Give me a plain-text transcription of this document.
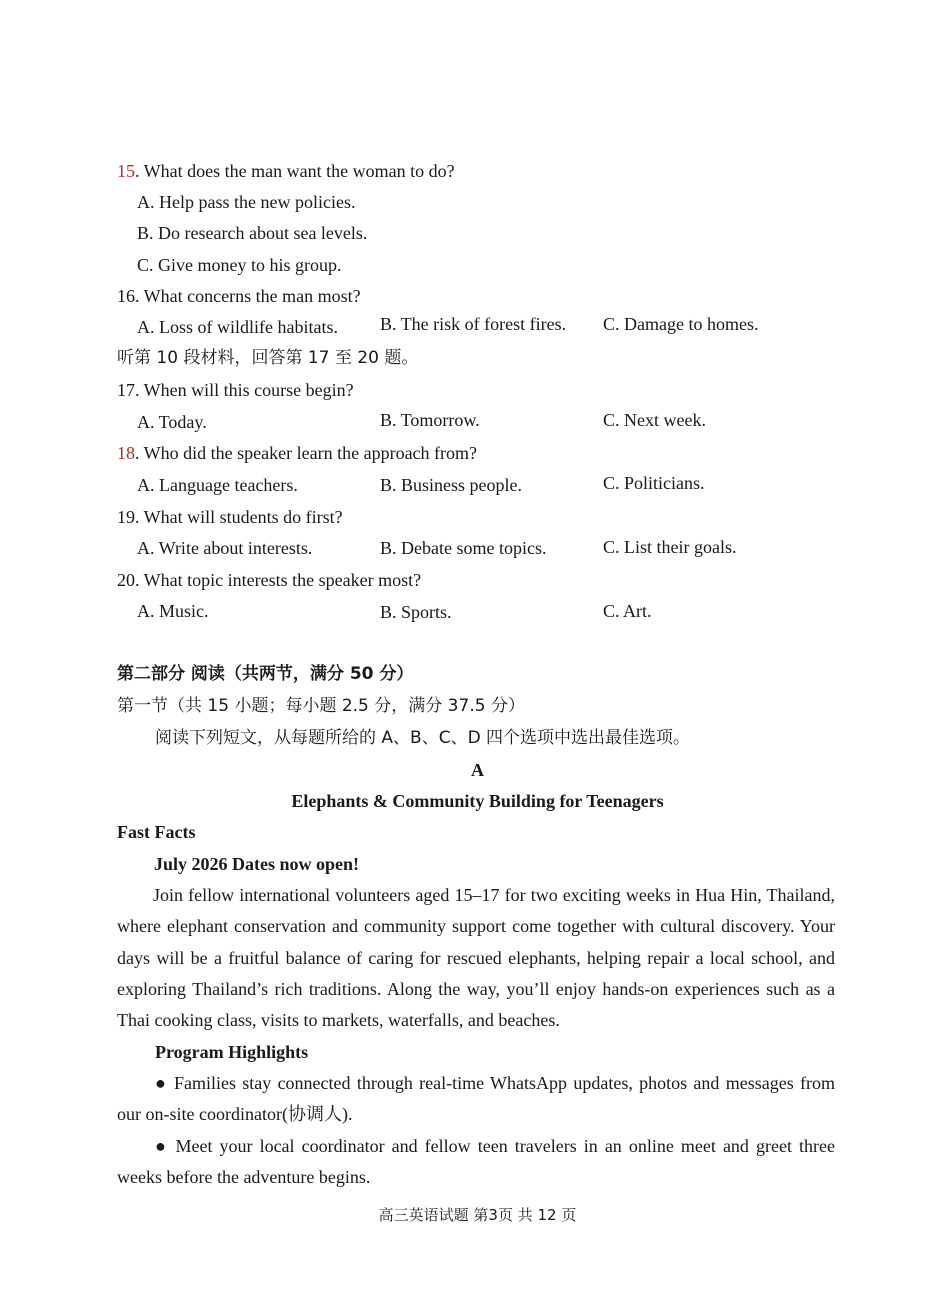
15. What does the man want the woman to do?
A. Help pass the new policies.
B. Do research about sea levels.
C. Give money to his group.
16. What concerns the man most?
A. Loss of wildlife habitats. B. The risk of forest fires. C. Damage to homes.
听第 10 段材料，回答第 17 至 20 题。
17. When will this course begin?
A. Today.	B. Tomorrow.	C. Next week.
18. Who did the speaker learn the approach from?
A. Language teachers.	B. Business people.	C. Politicians.
19. What will students do first?
A. Write about interests.	B. Debate some topics.	C. List their goals.
20. What topic interests the speaker most?
A. Music.	B. Sports.	C. Art.
第二部分 阅读（共两节，满分 50 分）
第一节（共 15 小题；每小题 2.5 分，满分 37.5 分）
阅读下列短文，从每题所给的 A、B、C、D 四个选项中选出最佳选项。
A
Elephants & Community Building for Teenagers
Fast Facts
July 2026 Dates now open!
Join fellow international volunteers aged 15–17 for two exciting weeks in Hua Hin, Thailand, where elephant conservation and community support come together with cultural discovery. Your days will be a fruitful balance of caring for rescued elephants, helping repair a local school, and exploring Thailand’s rich traditions. Along the way, you’ll enjoy hands-on experiences such as a Thai cooking class, visits to markets, waterfalls, and beaches.
Program Highlights
● Families stay connected through real-time WhatsApp updates, photos and messages from our on-site coordinator(协调人).
● Meet your local coordinator and fellow teen travelers in an online meet and greet three weeks before the adventure begins.
高三英语试题 第3页 共 12 页
